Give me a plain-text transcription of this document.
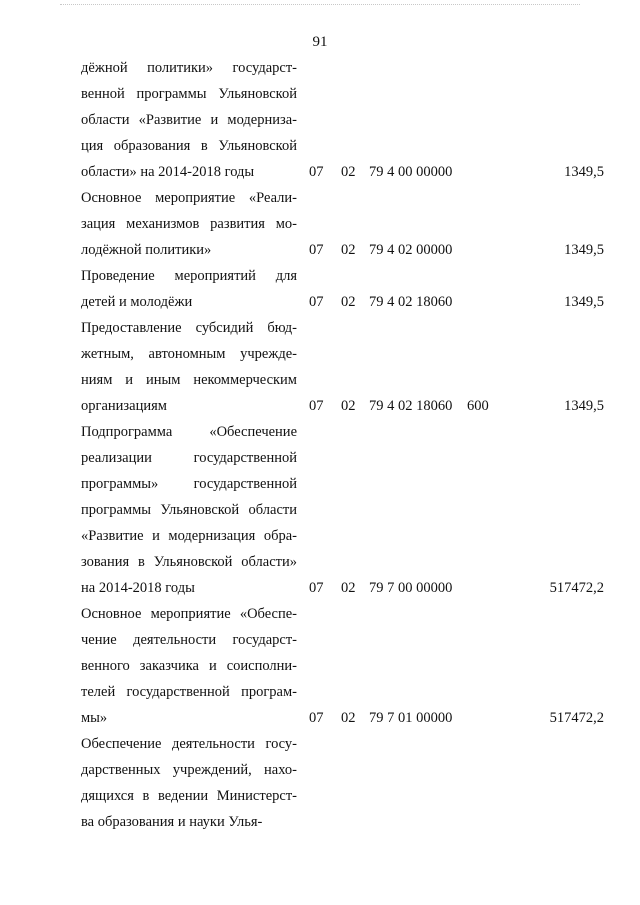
91
дёжной политики» государст-
венной программы Ульяновской
области «Развитие и модерниза-
ция образования в Ульяновской
области» на 2014-2018 годы	07 02 79 4 00 00000	1349,5
Основное мероприятие «Реали-
зация механизмов развития мо-
лодёжной политики»	07 02 79 4 02 00000	1349,5
Проведение мероприятий для
детей и молодёжи	07 02 79 4 02 18060	1349,5
Предоставление субсидий бюд-
жетным, автономным учрежде-
ниям и иным некоммерческим
организациям	07 02 79 4 02 18060 600	1349,5
Подпрограмма «Обеспечение
реализации государственной
программы» государственной
программы Ульяновской области
«Развитие и модернизация обра-
зования в Ульяновской области»
на 2014-2018 годы	07 02 79 7 00 00000	517472,2
Основное мероприятие «Обеспе-
чение деятельности государст-
венного заказчика и соисполни-
телей государственной програм-
мы»	07 02 79 7 01 00000	517472,2
Обеспечение деятельности госу-
дарственных учреждений, нахо-
дящихся в ведении Министерст-
ва образования и науки Улья-
